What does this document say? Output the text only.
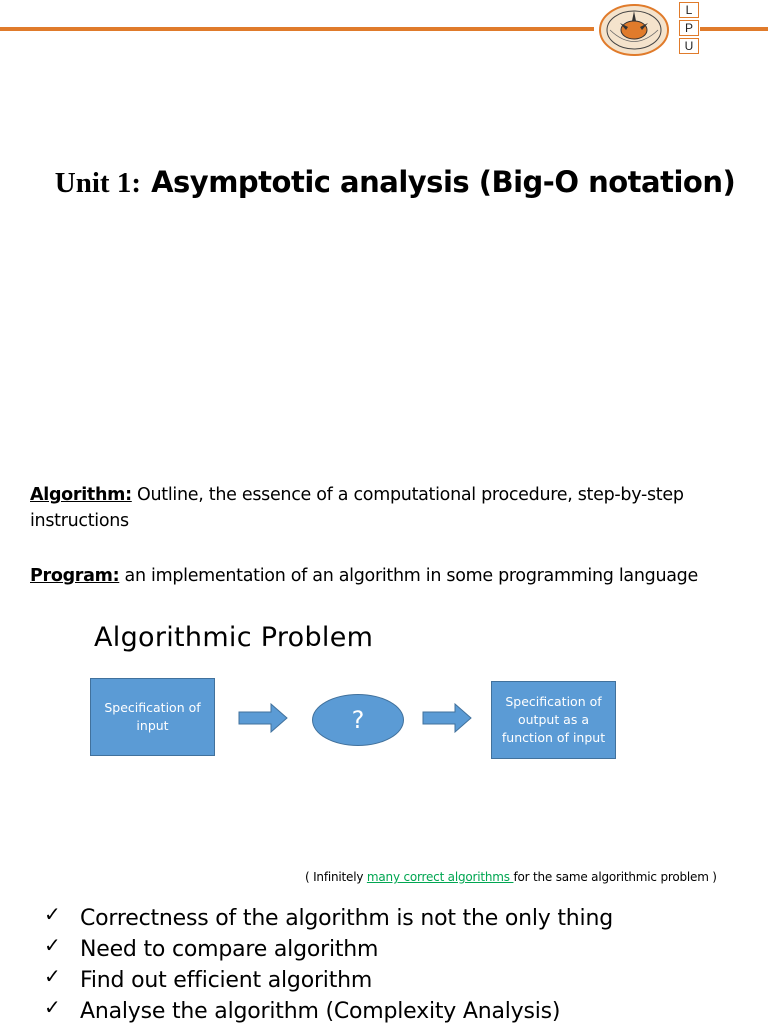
L
P
U
Unit 1: Asymptotic analysis (Big-O notation)
Algorithm: Outline, the essence of a computational procedure, step-by-step instructions
Program: an implementation of an algorithm in some programming language
Algorithmic Problem
Specification of input	?
Specification of output as a function of input
( Infinitely many correct algorithms for the same algorithmic problem )
✓ Correctness of the algorithm is not the only thing
✓ Need to compare algorithm
✓ Find out efficient algorithm
✓ Analyse the algorithm (Complexity Analysis)
